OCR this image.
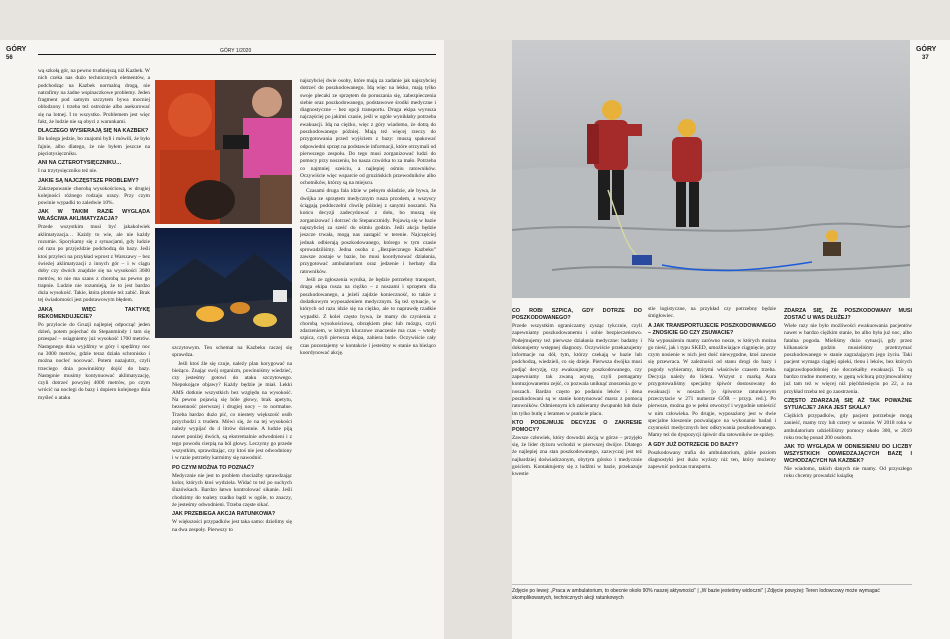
GÓRY
56
GÓRY 1/2020

wą szkołą gór, na pewno trudniejszą niż Kazbek. W nich czeka nas dużo technicznych elementów, a podchodząc na Kazbek normalną drogą, nie natrafimy na żadne wspinaczkowe problemy. Jeden fragment pod samym szczytem bywa mocniej oblodzony i trzeba też ostrożnie albo asekurować się na lotnej. I to wszystko. Problemem jest więc fakt, że ludzie nie są obyci z warunkami.

DLACZEGO WYSIERAJĄ SIĘ NA KAZBEK?

Bo kolega jedzie, bo znajomi byli i mówili, że było fajnie, albo dlatego, że nie byłem jeszcze na pięciotysięczniku.

ANI NA CZTEROTYSIĘCZNIKU…

I na trzytysięczniku też nie.

JAKIE SĄ NAJCZĘSTSZE PROBLEMY?

Zakrzepowanie chorobą wysokościową, w drugiej kolejności różnego rodzaju urazy. Przy czym powinie wypadki to zaledwie 10%.

JAK W TAKIM RAZIE WYGLĄDA WŁAŚCIWA AKLIMATYZACJA?

Przede wszystkim musi być jakakolwiek aklimatyzacja… Każdy to wie, ale nie każdy rozumie. Sporykamy się z sytuacjami, gdy ludzie od razu po przyjeździe podchodzą do bazy. Jeśli ktoś przyleci na przykład wprost z Warszawy – bez świeżej aklimatyzacji z innych gór – i w ciągu doby czy dwóch znajdzie się na wysokości 3600 metrów, to nie ma szans z chorobą na pewno go trapnie. Ludzie nie rozumieją, że to jest bardzo duża wysokość. Takie, która plotnie też zabić. Brak tej świadomości jest podstawowym błędem.

JAKĄ WIĘC TAKTYKĘ REKOMENDUJECIE?

Po przylocie do Gruzji najlepiej odpocząć jeden dzień, potem pojechać do Stepanmindy i tam się przespać – osiągniemy już wysokość 1700 metrów. Następnego dnia wyjdźmy w góry i spędźmy noc na 3000 metrów, gdzie teraz działa schronisko i można nocleć nocować. Potem nazajutrz, czyli trzeciego dnia powinniśmy dojść do bazy. Następnie musimy kontynuować aklimatyzację, czyli dotrzeć powyżej 4000 metrów, po czym wrócić na noclegi do bazy i dopiero kolejnego dnia myśleć o ataku

szczytowym. Ten schemat na Kazbeku raczej się sprawdza.

Jeśli ktoś źle się czuje, należy plan korygować na bieżąco. Znając swój organizm, powinniśmy wiedzieć, czy jesteśmy gotowi do ataku szczytowego. Niepokojące objawy? Każdy będzie je miał. Lekki AMS dotknie wszystkich bez względu na wysokość. Na pewno pojawią się bóle głowy, brak apetytu, bezsenność pierwszej i drugiej nocy – to normalne. Trzeba bardzo dużo pić, co niestety większość osób przychodzi z trudem. Mówi się, że na tej wysokości należy wypijać do 4 litrów dziennie. A ludzie piją nawet poniżej dwóch, są ekstremalnie odwodnieni i z tego powodu cierpią na ból głowy. Leczymy go przede wszystkim, sprawdzając, czy ktoś nie jest odwodniony i w razie potrzeby karmimy się nawodnić.

PO CZYM MOŻNA TO POZNAĆ?

Medycznie nie jest to problem chociażby sprawdzając kolor, których ktoś wydziela. Widać to też po suchych śluzówkach. Bardzo łatwo kontrolować sikanie. Jeśli chodzimy do toalety rzadko bądź w ogóle, to znaczy, że jesteśmy odwodnieni. Trzeba częste sikać.

JAK PRZEBIEGA AKCJA RATUNKOWA?

W większości przypadków jest taka samo: dzielimy się na dwa zespoły. Pierwszy to

najszybciej dwie osoby, które mają za zadanie jak najszybciej dotrzeć do poszkodowanego. Idą więc na lekko, mają tylko swoje plecaki ze sprzętem do poruszania się, zabezpieczenia siebie oraz poszkodowanego, podstawowe środki medyczne i diagnostyczne – bez opcji transportu. Druga ekipa wyrusza najczęściej po jakimś czasie, jeśli w ogóle wynikłaby potrzeba ewakuacji. Idą na ciężko, więc z góry wiadomo, że dotrą do poszkodowanego później. Mają też więcej rzeczy do przygotowania przed wyjściem z bazy: muszą spakować odpowiedni sprzęt na podstawie informacji, które otrzymali od pierwszego zespołu. Do tego musi zorganizować ludzi do pomocy przy noszeniu, bo nasza czwórka to za mało. Potrzeba co najmniej sześciu, a najlepiej ośmiu ratowników. Oczywiście więc wsparcie od gruzińskich przewodników albo ochotników, którzy są na miejscu.

Czasami druga fala idzie w pełnym składzie, ale bywa, że dwójka ze sprzętem medycznym rusza przodem, a wszyscy ściągają poddoczelni chwilę później z sanymi noszami. Na końcu decyzji zadecydować z dołu, bo muszą się zorganizować i dotrzeć do Stepanczmidy. Pojawią się w bazie najszybciej za sześć do ośmiu godzin. Jeśli akcja będzie jeszcze trwała, mogą nas zastąpić w terenie. Najczęściej jednak odbierają poszkodowanego, którego w tym czasie sprowadziliśmy. Jedna osoba z „Bezpiecznego Kazbeku” zawsze zostaje w bazie, bo musi koordynować działania, przygotować ambulatorium oraz jedzenie i herbaty dla ratowników.

Jeśli ze zgłoszenia wynika, że będzie potrzebny transport, druga ekipa rusza na ciężko – z noszami i sprzętem dla poszkodowanego, a jeżeli zajdzie konieczność, to także z dodatkowym wyposażeniem medycznym. Są też sytuacje, w których od razu idzie się na ciężko, ale to naprawdę rzadkie wypadki. Z kolei często bywa, że mamy do czynienia z chorobą wysokościową, obrzękiem płuc lub mózgu, czyli zdarzeniem, w którym kluczowe znaczenie ma czas – wtedy szpica, czyli pierwsza ekipa, zabiera butle. Oczywiście cały czas pozostajemy w kontakcie i jesteśmy w stanie na bieżąco koordynować akcję.

GÓRY
37
CO ROBI SZPICA, GDY DOTRZE DO POSZKODOWANEGO?

Przede wszystkim ograniczamy zysząc tykcznie, czyli zapewniamy poszkodowanemu i sobie bezpieczeństwo. Podejmujemy też pierwsze działania medyczne: badamy i dokonujemy wstępnej diagnozy. Oczywiście przekazujemy informacje na dół, tym, którzy czekają w bazie lub podchodzą, wiedzieli, co się dzieje. Pierwsza dwójka musi podjąć decyzję, czy ewakuujemy poszkodowanego, czy zapewniamy tak zwaną asystę, czyli pomagamy kontuzjowanemu zejść, co pozwala uniknąć znoszenia go w noszach. Bardzo często po podaniu leków i dena poszkodowani są w stanie kontynuować marsz z pomocą ratowników. Odmiennym ich zabieramy dwupunkt lub duże im tylko butlę z leramen w punkcie placu.

KTO PODEJMUJE DECYZJE O ZAKRESIE POMOCY?

Zawsze człowiek, który dowodzi akcją w górze – przyjęło się, że lider dyżuru wchodzi w pierwszej dwójce. Dlatego że najlepiej zna stan poszkodowanego, zazwyczaj jest też najbardziej doświadczonym, obytym górsko i medycznie gościem. Kontaktujemy się z ludźmi w bazie, przekazuje kwestie

stie logistyczne, na przykład czy potrzebny będzie śmigłowiec.

A JAK TRANSPORTUJECIE POSZKODOWANEGO – ZNOSICIE GO CZY ZSUWACIE?

Na wyposażeniu mamy zarówno nosze, w których można go nieść, jak i typu SKED, umożliwiające ciągnięcie, przy czym nosienie w nich jest dość niewygodne, ktoś zawsze się przewraca. W zależności od stanu drogi do bazy i pogody wybieramy, którymi właściwie czasem trzeba. Decyzja należy do lidera. Wszyst z marką Aura przygotowaliśmy specjalny śpiwór dostosowany do ewakuacji w noszach [o śpiworze ratunkowym przeczytacie w 271 numerze GÓR – przyp. red.]. Po pierwsze, można go w pełni otworzyć i wygodnie umieścić w nim człowieka. Po drugie, wyposażony jest w dwie specjalne kieszenie pozwalające na wykonanie badań i czynności medycznych bez odkrywania poszkodowanego. Mamy też do dyspozycji śpiwór dla ratowników ze spiżey.

A GDY JUŻ DOTRZECIE DO BAZY?

Poszkodowany trafia do ambulatorium, gdzie poziom diagnostyki jest dużo wyższy niż ten, który możemy zapewnić podczas transportu.

ZDARZA SIĘ, ŻE POSZKODOWANY MUSI ZOSTAĆ U WAS DŁUŻEJ?

Wiele razy nie było możliwości ewakuowania pacjentów nawet w bardzo ciężkim stanie, bo albo była już noc, albo fatalna pogoda. Mieliśmy dużo sytuacji, gdy przez kilkanaście godzin musieliśmy przetrzymać poszkodowanego w stanie zagrażającym jego życiu. Taki pacjent wymaga ciągłej opieki, tlenu i leków, bez których najprawdopodobniej nie doczekałby ewakuacji. To są bardzo trudne momenty, w gęstą wichurą przyjmowaliśmy już tam też w więcej niż pięćdziesięciu po 22, a na przykład trzeba też go zaostrzenia.

CZĘSTO ZDARZAJĄ SIĘ AŻ TAK POWAŻNE SYTUACJE? JAKA JEST SKALA?

Ciężkich przypadków, gdy pacjent potrzebuje mogą zanieść, mamy trzy lub cztery w sezonie. W 2018 roku w ambulatorium udzieliliśmy pomocy około 300, w 2019 roku trochę ponad 200 osobom.

JAK TO WYGLĄDA W ODNIESIENIU DO LICZBY WSZYSTKICH ODWIEDZAJĄCYCH BAZĘ I WCHODZĄCYCH NA KAZBEK?

Nie wiadomo, takich danych nie mamy. Od przyszłego roku chcemy prowadzić książkę

Zdjęcie po lewej: „Praca w ambulatorium, to obecnie około 90% naszej aktywności” | „W bazie jesteśmy widoczni” | Zdjęcie powyżej: Teren lodowcowy może wymagać skomplikowanych, technicznych akcji ratunkowych
